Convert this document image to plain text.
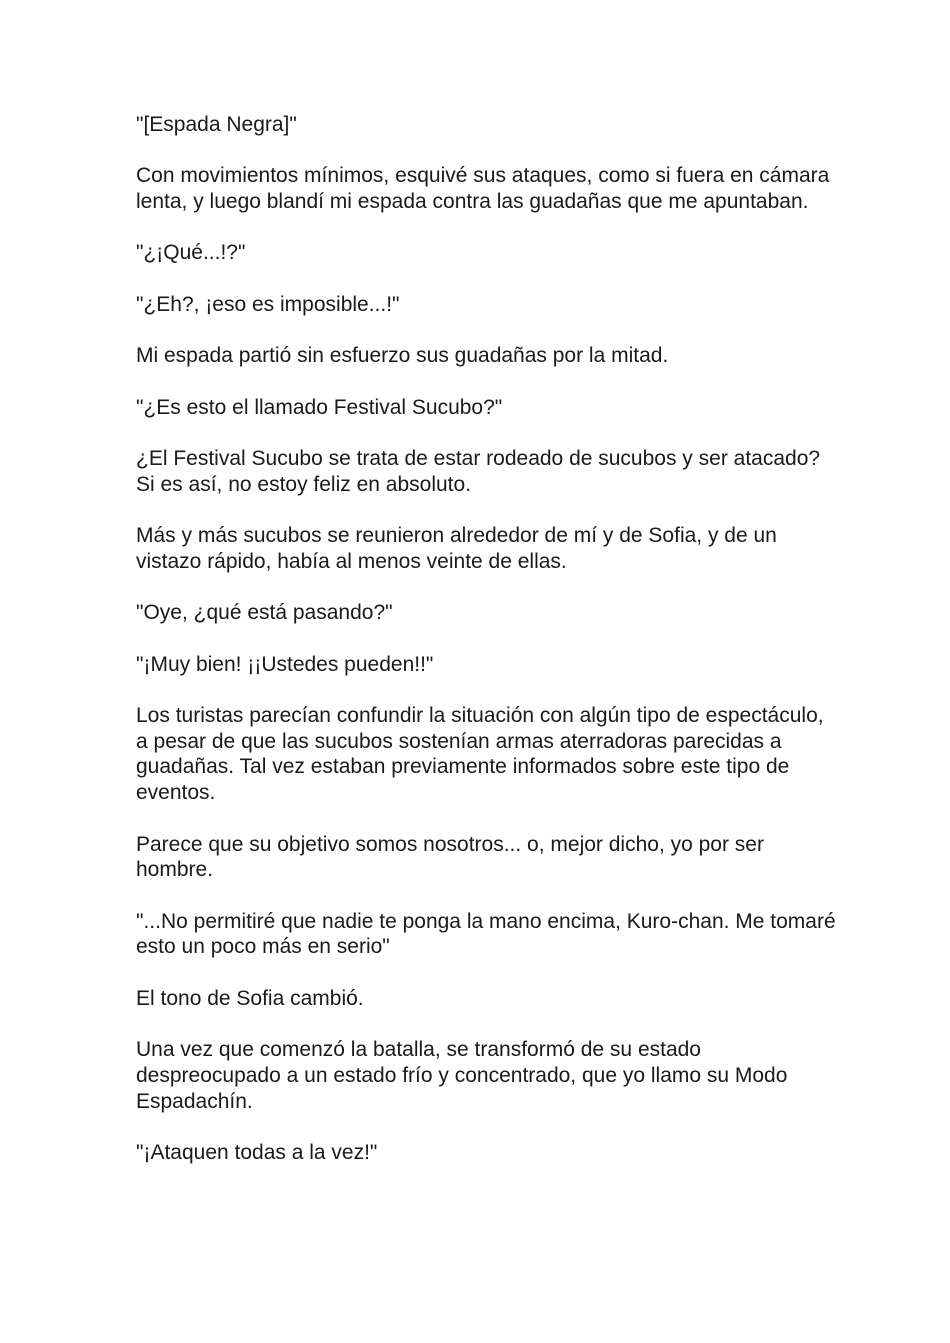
"[Espada Negra]"

Con movimientos mínimos, esquivé sus ataques, como si fuera en cámara lenta, y luego blandí mi espada contra las guadañas que me apuntaban.

"¿¡Qué...!?"

"¿Eh?, ¡eso es imposible...!"

Mi espada partió sin esfuerzo sus guadañas por la mitad.

"¿Es esto el llamado Festival Sucubo?"

¿El Festival Sucubo se trata de estar rodeado de sucubos y ser atacado? Si es así, no estoy feliz en absoluto.

Más y más sucubos se reunieron alrededor de mí y de Sofia, y de un vistazo rápido, había al menos veinte de ellas.

"Oye, ¿qué está pasando?"

"¡Muy bien! ¡¡Ustedes pueden!!"

Los turistas parecían confundir la situación con algún tipo de espectáculo, a pesar de que las sucubos sostenían armas aterradoras parecidas a guadañas. Tal vez estaban previamente informados sobre este tipo de eventos.

Parece que su objetivo somos nosotros... o, mejor dicho, yo por ser hombre.

"...No permitiré que nadie te ponga la mano encima, Kuro-chan. Me tomaré esto un poco más en serio"

El tono de Sofia cambió.

Una vez que comenzó la batalla, se transformó de su estado despreocupado a un estado frío y concentrado, que yo llamo su Modo Espadachín.

"¡Ataquen todas a la vez!"
